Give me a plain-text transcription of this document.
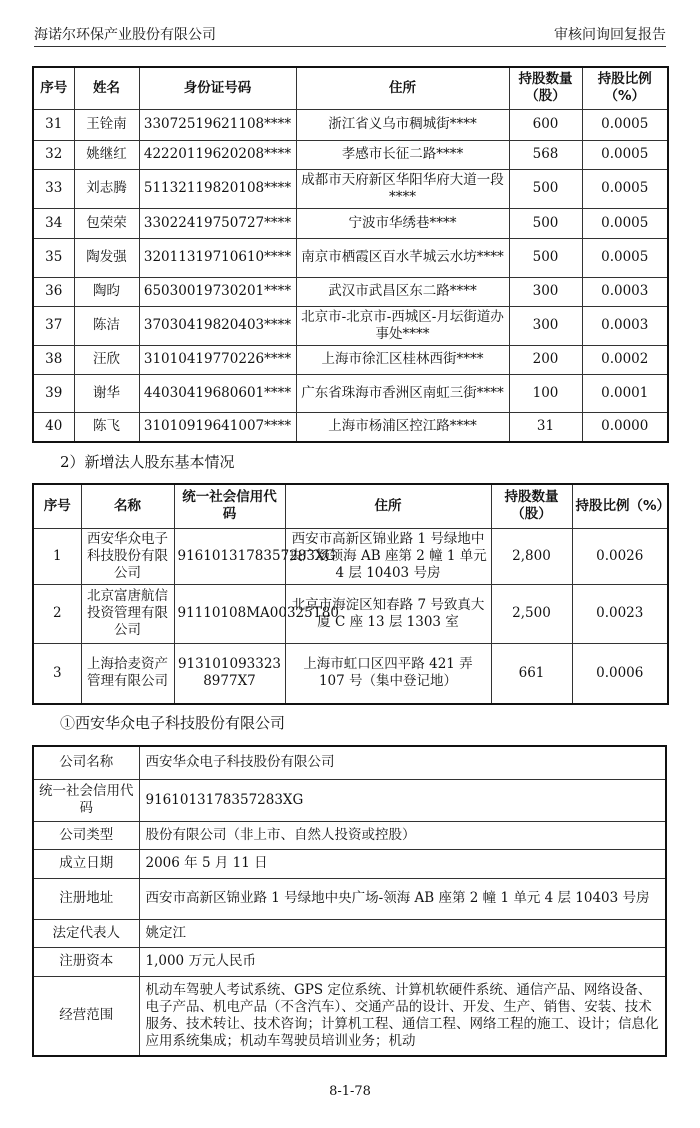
海诺尔环保产业股份有限公司	审核问询回复报告
序号	姓名	身份证号码	住所	持股数量（股）	持股比例（%）
31	王铨南	33072519621108****	浙江省义乌市稠城街****	600	0.0005
32	姚继红	42220119620208****	孝感市长征二路****	568	0.0005
33	刘志腾	51132119820108****	成都市天府新区华阳华府大道一段****	500	0.0005
34	包荣荣	33022419750727****	宁波市华绣巷****	500	0.0005
35	陶发强	32011319710610****	南京市栖霞区百水芊城云水坊****	500	0.0005
36	陶昀	65030019730201****	武汉市武昌区东二路****	300	0.0003
37	陈洁	37030419820403****	北京市-北京市-西城区-月坛街道办事处****	300	0.0003
38	汪欣	31010419770226****	上海市徐汇区桂林西街****	200	0.0002
39	谢华	44030419680601****	广东省珠海市香洲区南虹三街****	100	0.0001
40	陈飞	31010919641007****	上海市杨浦区控江路****	31	0.0000
2）新增法人股东基本情况
序号	名称	统一社会信用代码	住所	持股数量（股）	持股比例（%）
1	西安华众电子科技股份有限公司	9161013178357283XG	西安市高新区锦业路 1 号绿地中央广场领海 AB 座第 2 幢 1 单元 4 层 10403 号房	2,800	0.0026
2	北京富唐航信投资管理有限公司	91110108MA00325T80	北京市海淀区知春路 7 号致真大厦 C 座 13 层 1303 室	2,500	0.0023
3	上海拾麦资产管理有限公司	913101093323 8977X7	上海市虹口区四平路 421 弄 107 号（集中登记地）	661	0.0006
①西安华众电子科技股份有限公司
公司名称	西安华众电子科技股份有限公司
统一社会信用代码	9161013178357283XG
公司类型	股份有限公司（非上市、自然人投资或控股）
成立日期	2006 年 5 月 11 日
注册地址	西安市高新区锦业路 1 号绿地中央广场-领海 AB 座第 2 幢 1 单元 4 层 10403 号房
法定代表人	姚定江
注册资本	1,000 万元人民币
经营范围	机动车驾驶人考试系统、GPS 定位系统、计算机软硬件系统、通信产品、网络设备、电子产品、机电产品（不含汽车）、交通产品的设计、开发、生产、销售、安装、技术服务、技术转让、技术咨询；计算机工程、通信工程、网络工程的施工、设计；信息化应用系统集成；机动车驾驶员培训业务；机动
8-1-78
